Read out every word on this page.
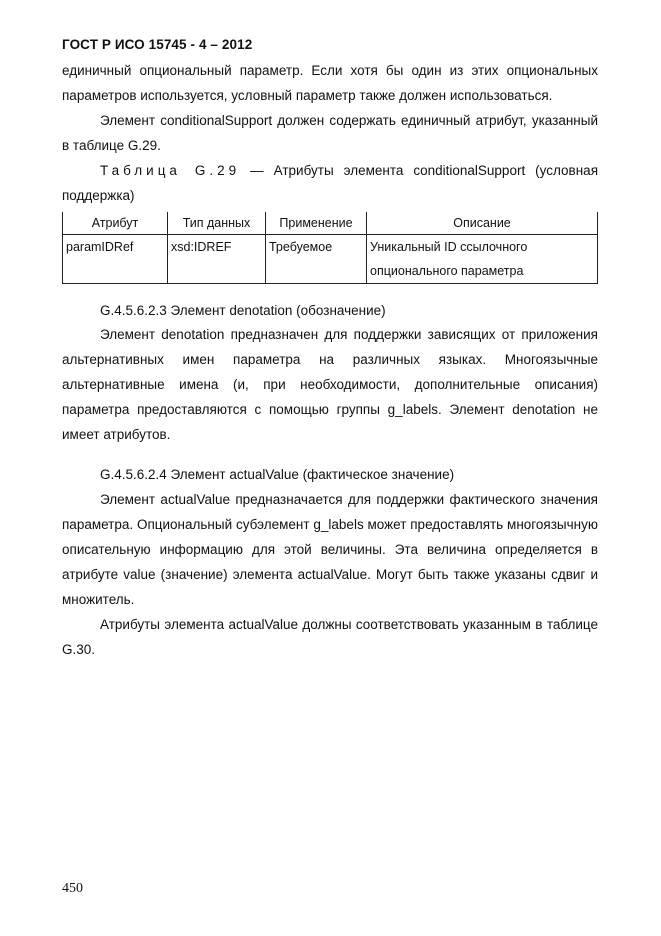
ГОСТ Р ИСО 15745 - 4 – 2012

единичный опциональный параметр. Если хотя бы один из этих опциональных параметров используется, условный параметр также должен использоваться.

Элемент conditionalSupport должен содержать единичный атрибут, указанный в таблице G.29.

Таблица G.29 — Атрибуты элемента conditionalSupport (условная поддержка)

Атрибут	Тип данных	Применение	Описание
paramIDRef	xsd:IDREF	Требуемое	Уникальный ID ссылочного опционального параметра

G.4.5.6.2.3 Элемент denotation (обозначение)

Элемент denotation предназначен для поддержки зависящих от приложения альтернативных имен параметра на различных языках. Многоязычные альтернативные имена (и, при необходимости, дополнительные описания) параметра предоставляются с помощью группы g_labels. Элемент denotation не имеет атрибутов.

G.4.5.6.2.4 Элемент actualValue (фактическое значение)

Элемент actualValue предназначается для поддержки фактического значения параметра. Опциональный субэлемент g_labels может предоставлять многоязычную описательную информацию для этой величины. Эта величина определяется в атрибуте value (значение) элемента actualValue. Могут быть также указаны сдвиг и множитель.

Атрибуты элемента actualValue должны соответствовать указанным в таблице G.30.

450
